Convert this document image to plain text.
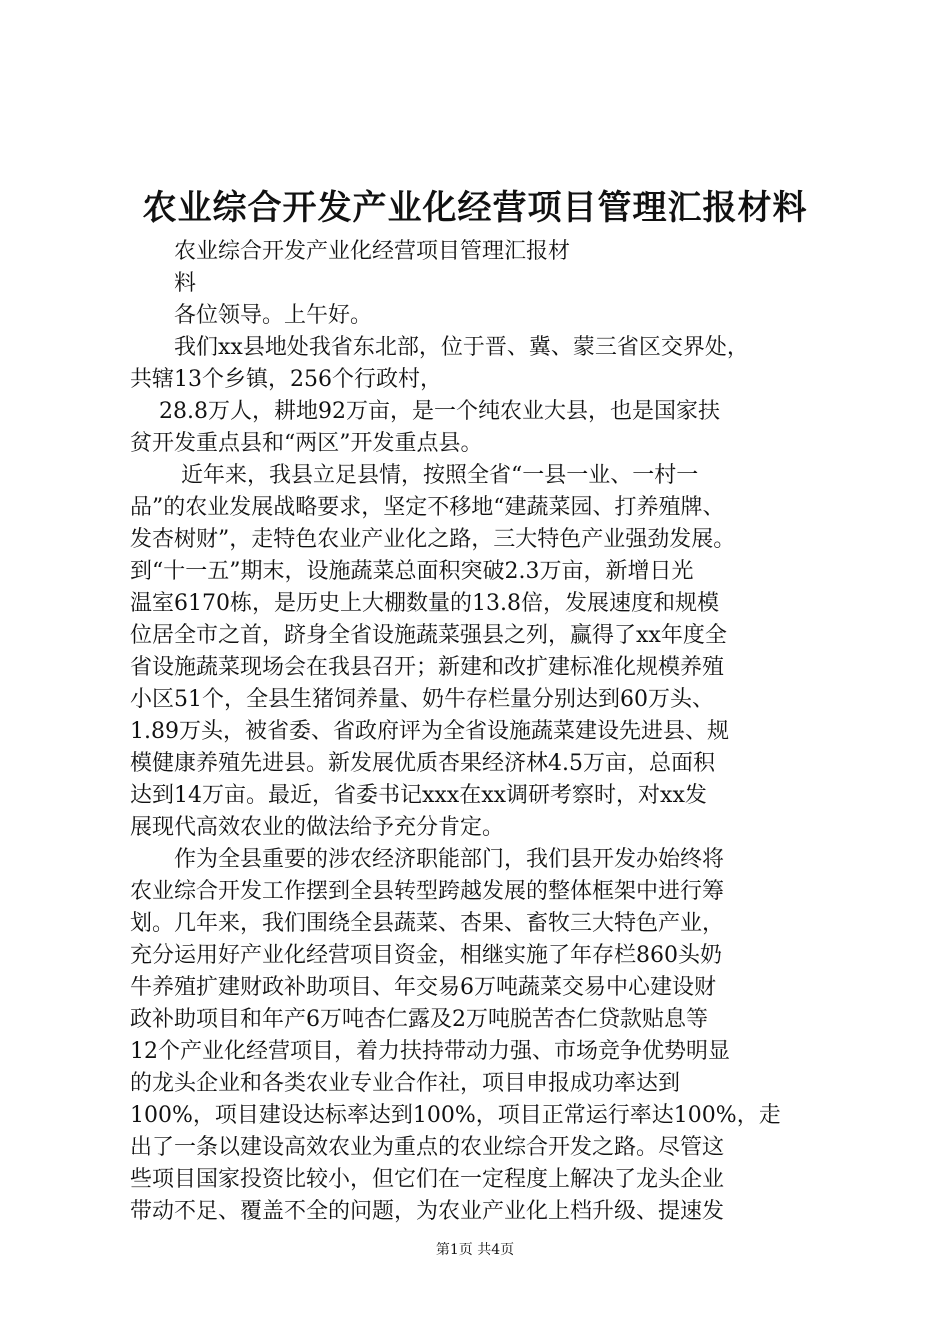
农业综合开发产业化经营项目管理汇报材料
　　农业综合开发产业化经营项目管理汇报材
　　料
　　各位领导。上午好。
　　我们xx县地处我省东北部，位于晋、冀、蒙三省区交界处，
共辖13个乡镇，256个行政村，
　 28.8万人，耕地92万亩，是一个纯农业大县，也是国家扶
贫开发重点县和“两区”开发重点县。
　　 近年来，我县立足县情，按照全省“一县一业、一村一
品”的农业发展战略要求，坚定不移地“建蔬菜园、打养殖牌、
发杏树财”，走特色农业产业化之路，三大特色产业强劲发展。
到“十一五”期末，设施蔬菜总面积突破2.3万亩，新增日光
温室6170栋，是历史上大棚数量的13.8倍，发展速度和规模
位居全市之首，跻身全省设施蔬菜强县之列，赢得了xx年度全
省设施蔬菜现场会在我县召开；新建和改扩建标准化规模养殖
小区51个，全县生猪饲养量、奶牛存栏量分别达到60万头、
1.89万头，被省委、省政府评为全省设施蔬菜建设先进县、规
模健康养殖先进县。新发展优质杏果经济林4.5万亩，总面积
达到14万亩。最近，省委书记xxx在xx调研考察时，对xx发
展现代高效农业的做法给予充分肯定。
　　作为全县重要的涉农经济职能部门，我们县开发办始终将
农业综合开发工作摆到全县转型跨越发展的整体框架中进行筹
划。几年来，我们围绕全县蔬菜、杏果、畜牧三大特色产业，
充分运用好产业化经营项目资金，相继实施了年存栏860头奶
牛养殖扩建财政补助项目、年交易6万吨蔬菜交易中心建设财
政补助项目和年产6万吨杏仁露及2万吨脱苦杏仁贷款贴息等
12个产业化经营项目，着力扶持带动力强、市场竞争优势明显
的龙头企业和各类农业专业合作社，项目申报成功率达到
100%，项目建设达标率达到100%，项目正常运行率达100%，走
出了一条以建设高效农业为重点的农业综合开发之路。尽管这
些项目国家投资比较小，但它们在一定程度上解决了龙头企业
带动不足、覆盖不全的问题，为农业产业化上档升级、提速发
第1页 共4页
